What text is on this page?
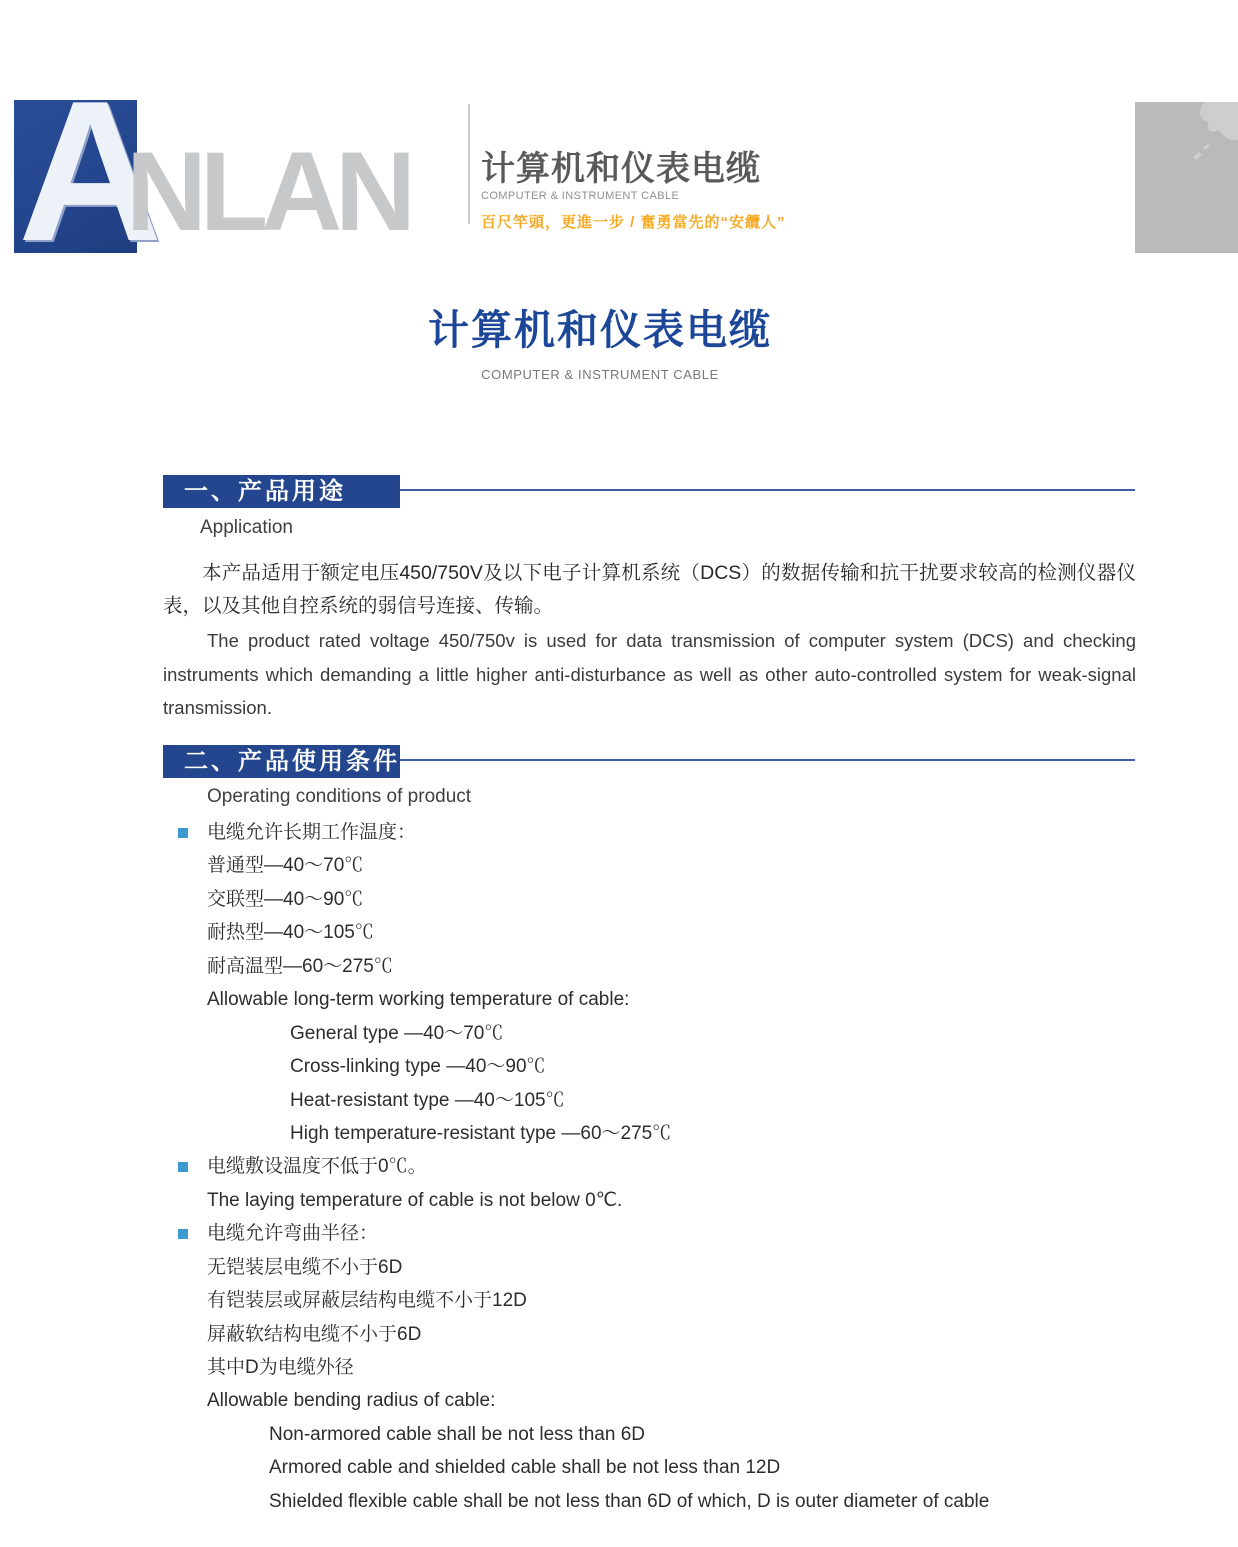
A
NLAN 计算机和仪表电缆
COMPUTER & INSTRUMENT CABLE
百尺竿頭，更進一步 / 奮勇當先的“安纜人”
计算机和仪表电缆
COMPUTER & INSTRUMENT CABLE
一、产品用途
Application
本产品适用于额定电压450/750V及以下电子计算机系统（DCS）的数据传输和抗干扰要求较高的检测仪器仪表，以及其他自控系统的弱信号连接、传输。
The product rated voltage 450/750v is used for data transmission of computer system (DCS) and checking instruments which demanding a little higher anti-disturbance as well as other auto-controlled system for weak-signal transmission.
二、产品使用条件
Operating conditions of product
电缆允许长期工作温度：
普通型—40～70℃
交联型—40～90℃
耐热型—40～105℃
耐高温型—60～275℃
Allowable long-term working temperature of cable:
General type —40～70℃
Cross-linking type —40～90℃
Heat-resistant type —40～105℃
High temperature-resistant type —60～275℃
电缆敷设温度不低于0℃。
The laying temperature of cable is not below 0℃.
电缆允许弯曲半径：
无铠装层电缆不小于6D
有铠装层或屏蔽层结构电缆不小于12D
屏蔽软结构电缆不小于6D
其中D为电缆外径
Allowable bending radius of cable:
Non-armored cable shall be not less than 6D
Armored cable and shielded cable shall be not less than 12D
Shielded flexible cable shall be not less than 6D of which, D is outer diameter of cable
